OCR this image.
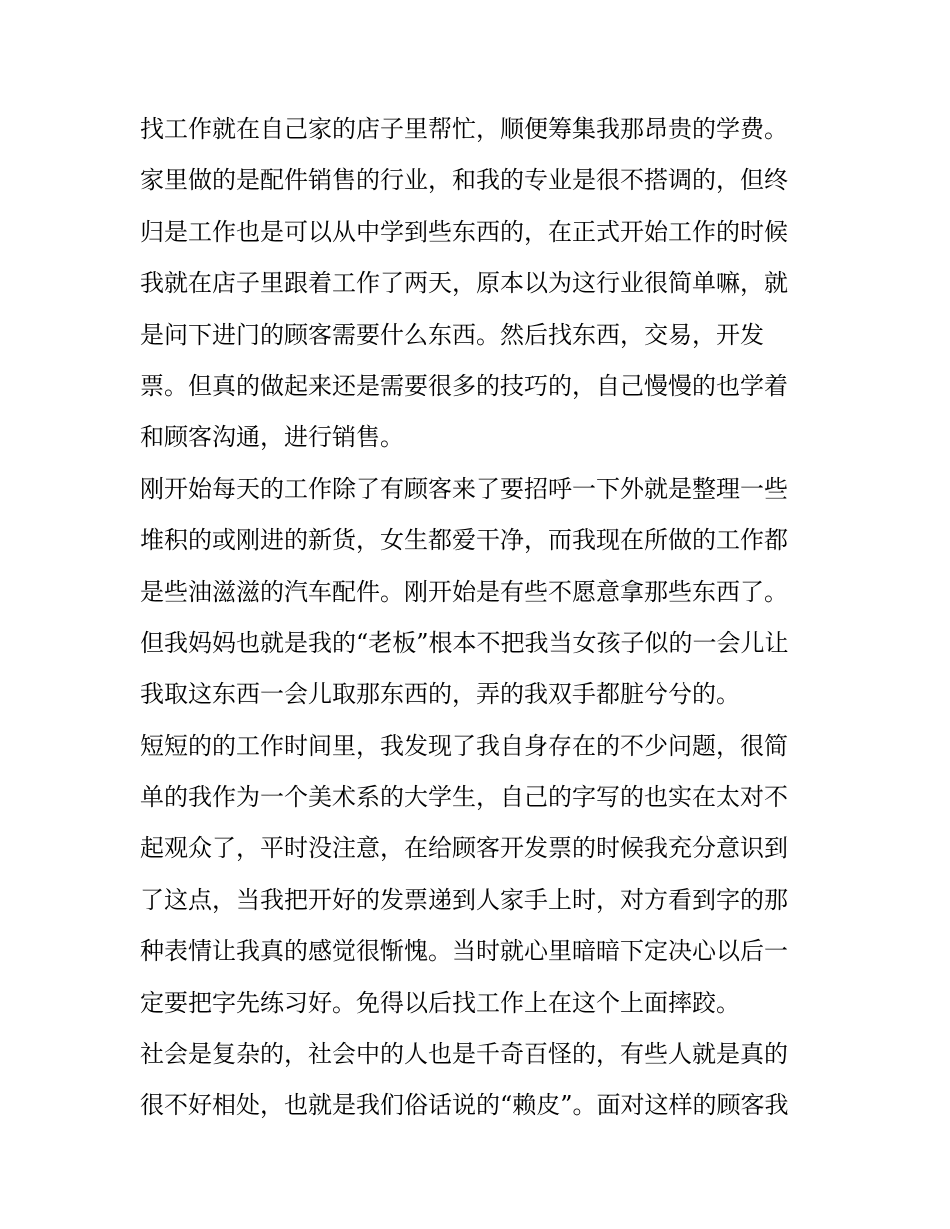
找工作就在自己家的店子里帮忙，顺便筹集我那昂贵的学费。
家里做的是配件销售的行业，和我的专业是很不搭调的，但终
归是工作也是可以从中学到些东西的，在正式开始工作的时候
我就在店子里跟着工作了两天，原本以为这行业很简单嘛，就
是问下进门的顾客需要什么东西。然后找东西，交易，开发
票。但真的做起来还是需要很多的技巧的，自己慢慢的也学着
和顾客沟通，进行销售。
刚开始每天的工作除了有顾客来了要招呼一下外就是整理一些
堆积的或刚进的新货，女生都爱干净，而我现在所做的工作都
是些油滋滋的汽车配件。刚开始是有些不愿意拿那些东西了。
但我妈妈也就是我的“老板”根本不把我当女孩子似的一会儿让
我取这东西一会儿取那东西的，弄的我双手都脏兮兮的。
短短的的工作时间里，我发现了我自身存在的不少问题，很简
单的我作为一个美术系的大学生，自己的字写的也实在太对不
起观众了，平时没注意，在给顾客开发票的时候我充分意识到
了这点，当我把开好的发票递到人家手上时，对方看到字的那
种表情让我真的感觉很惭愧。当时就心里暗暗下定决心以后一
定要把字先练习好。免得以后找工作上在这个上面摔跤。
社会是复杂的，社会中的人也是千奇百怪的，有些人就是真的
很不好相处，也就是我们俗话说的“赖皮”。面对这样的顾客我
